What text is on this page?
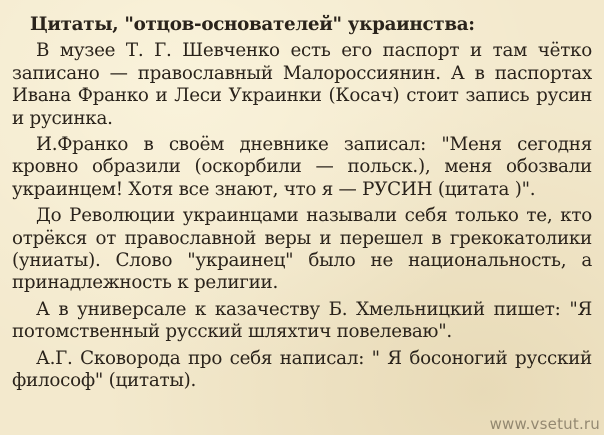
Цитаты, "отцов-основателей" украинства:

В музее Т. Г. Шевченко есть его паспорт и там чётко записано — православный Малороссиянин. А в паспортах Ивана Франко и Леси Украинки (Косач) стоит запись русин и русинка.

И.Франко в своём дневнике записал: "Меня сегодня кровно образили (оскорбили — польск.), меня обозвали украинцем! Хотя все знают, что я — РУСИН (цитата )".

До Революции украинцами называли себя только те, кто отрёкся от православной веры и перешел в грекокатолики (униаты). Слово "украинец" было не национальность, а принадлежность к религии.

А в универсале к казачеству Б. Хмельницкий пишет: "Я потомственный русский шляхтич повелеваю".

А.Г. Сковорода про себя написал: " Я босоногий русский философ" (цитаты).

www.vsetut.ru
